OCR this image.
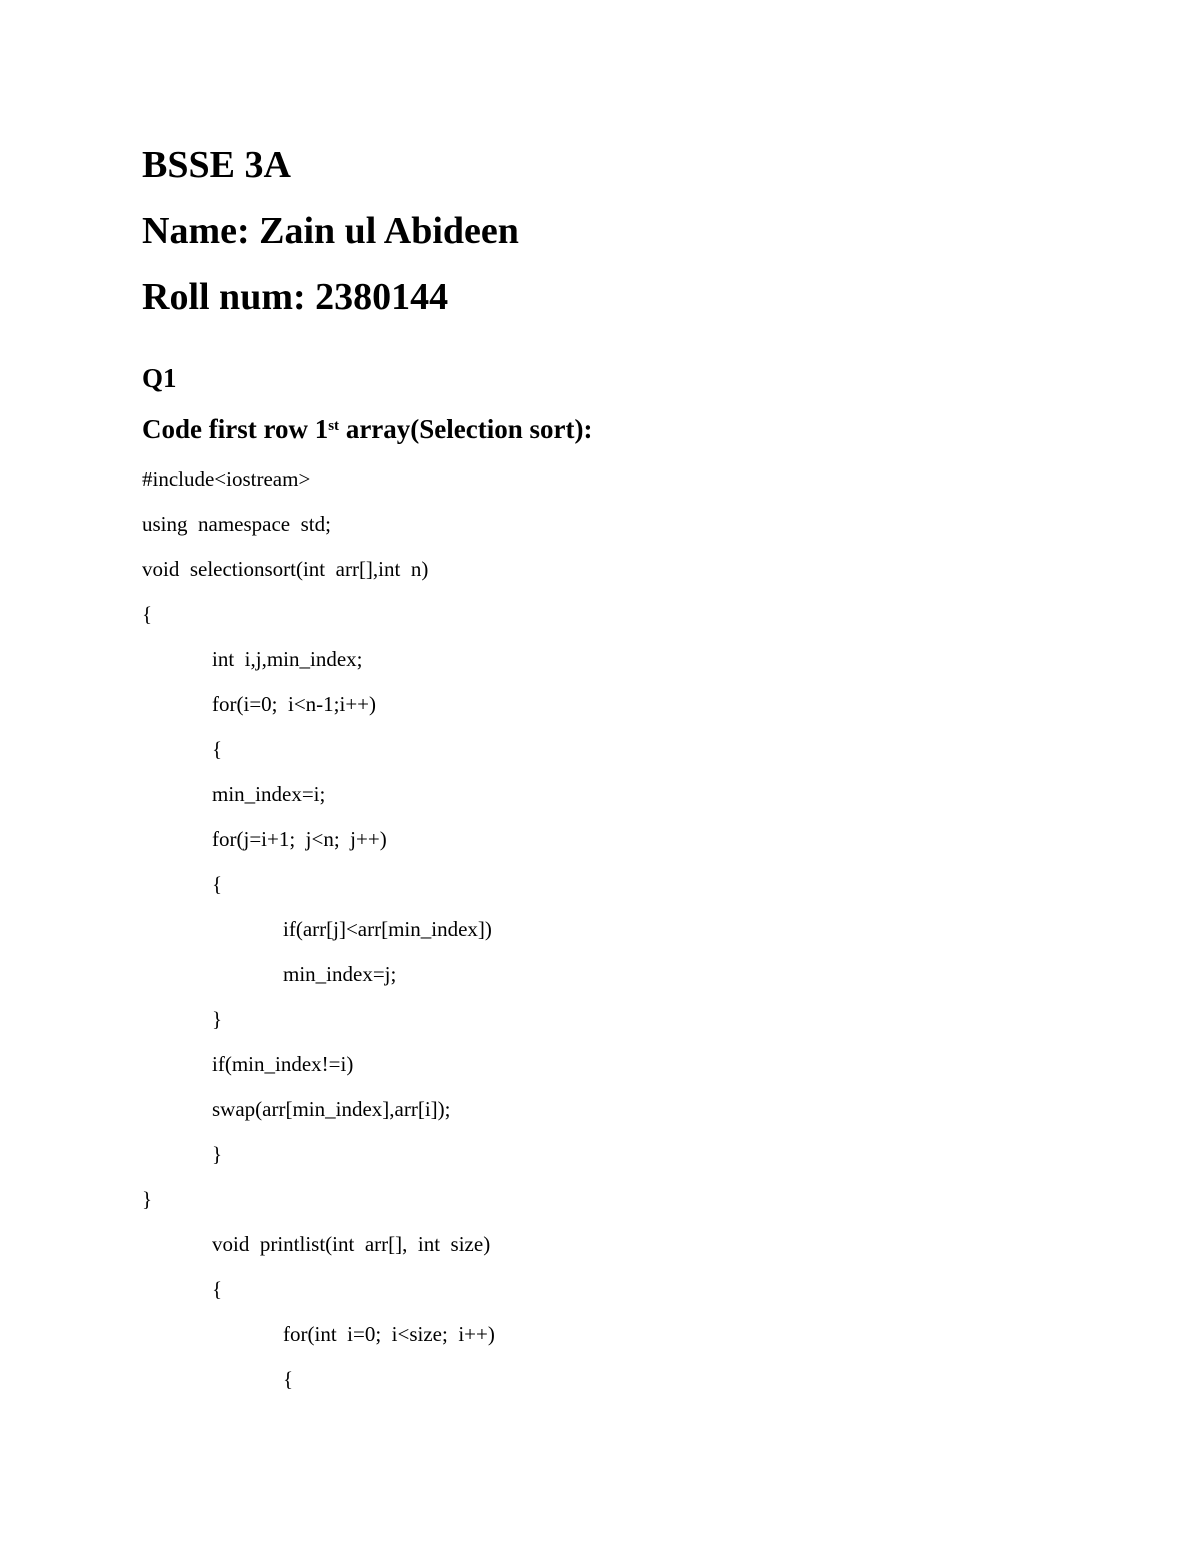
BSSE 3A
Name: Zain ul Abideen
Roll num: 2380144
Q1
Code first row 1st array(Selection sort):
#include<iostream>
using  namespace  std;
void  selectionsort(int  arr[],int  n)
{
int  i,j,min_index;
for(i=0;  i<n-1;i++)
{
min_index=i;
for(j=i+1;  j<n;  j++)
{
if(arr[j]<arr[min_index])
min_index=j;
}
if(min_index!=i)
swap(arr[min_index],arr[i]);
}
}
void  printlist(int  arr[],  int  size)
{
for(int  i=0;  i<size;  i++)
{
